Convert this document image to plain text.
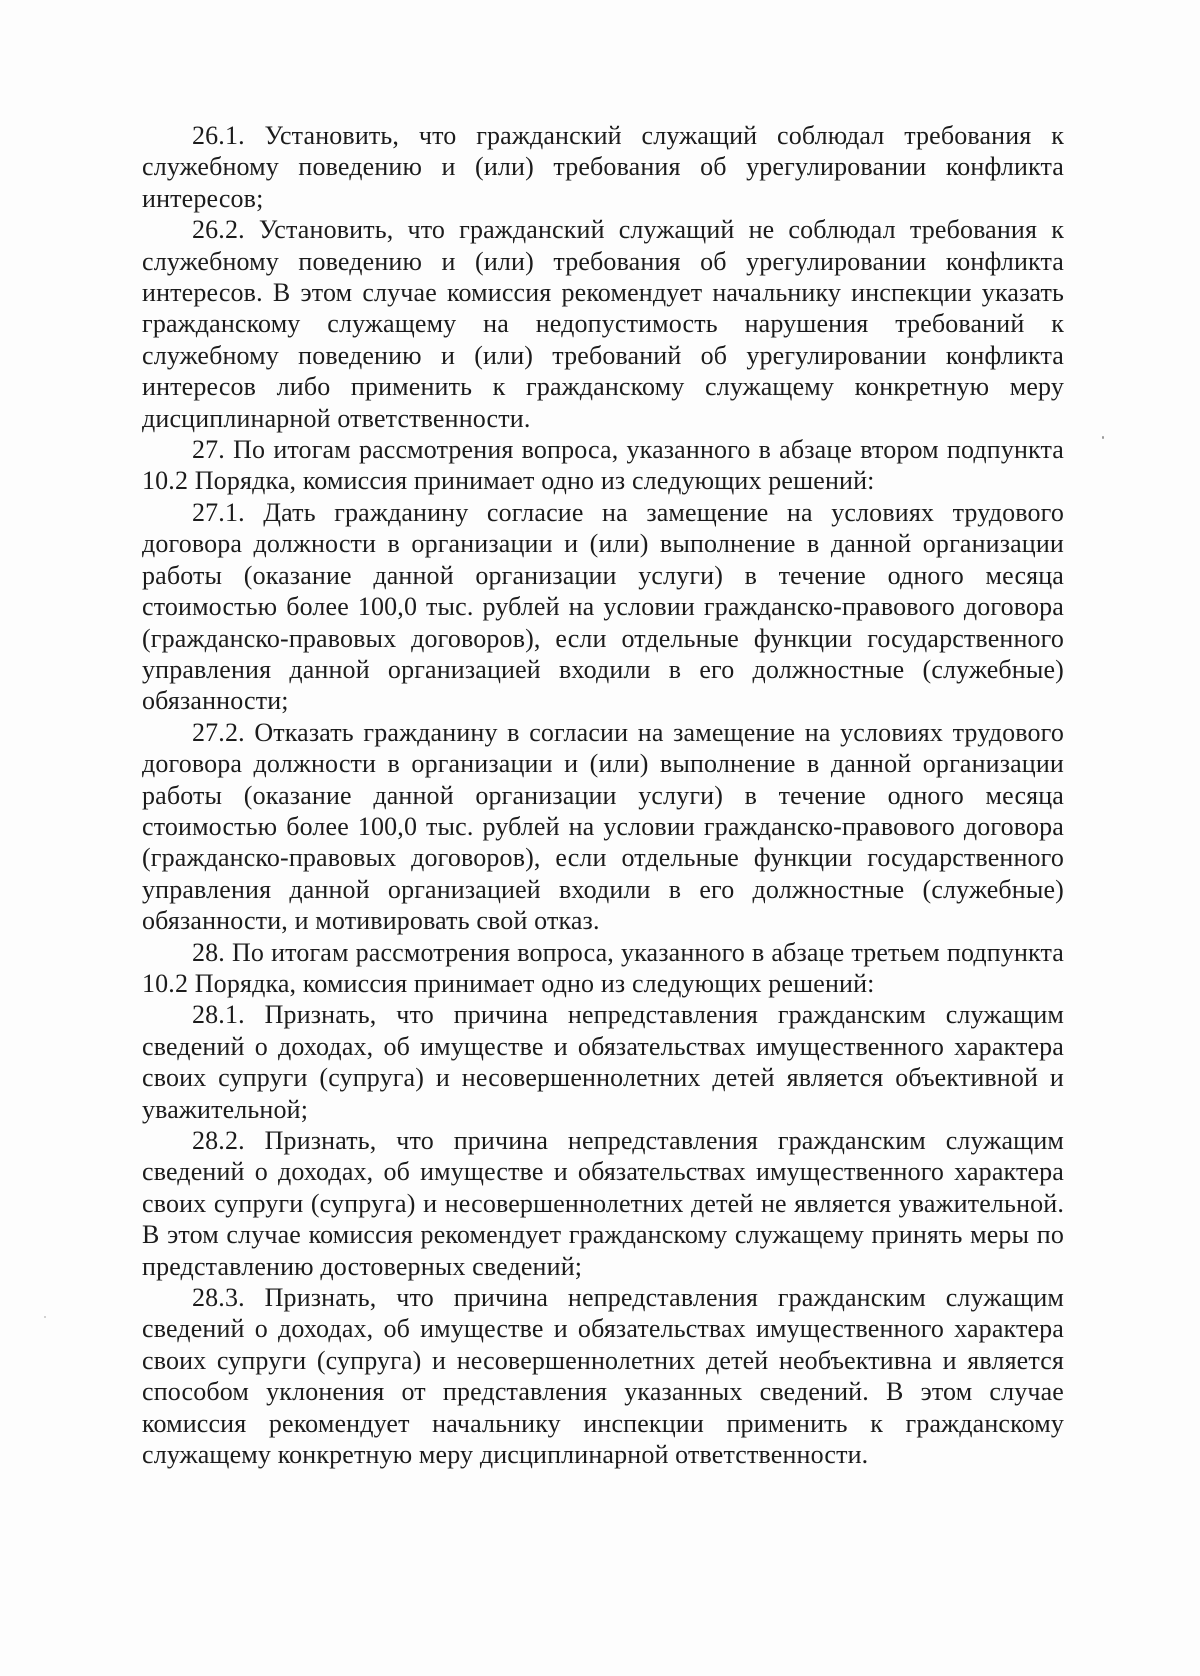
26.1. Установить, что гражданский служащий соблюдал требования к служебному поведению и (или) требования об урегулировании конфликта интересов;

26.2. Установить, что гражданский служащий не соблюдал требования к служебному поведению и (или) требования об урегулировании конфликта интересов. В этом случае комиссия рекомендует начальнику инспекции указать гражданскому служащему на недопустимость нарушения требований к служебному поведению и (или) требований об урегулировании конфликта интересов либо применить к гражданскому служащему конкретную меру дисциплинарной ответственности.

27. По итогам рассмотрения вопроса, указанного в абзаце втором подпункта 10.2 Порядка, комиссия принимает одно из следующих решений:

27.1. Дать гражданину согласие на замещение на условиях трудового договора должности в организации и (или) выполнение в данной организации работы (оказание данной организации услуги) в течение одного месяца стоимостью более 100,0 тыс. рублей на условии гражданско-правового договора (гражданско-правовых договоров), если отдельные функции государственного управления данной организацией входили в его должностные (служебные) обязанности;

27.2. Отказать гражданину в согласии на замещение на условиях трудового договора должности в организации и (или) выполнение в данной организации работы (оказание данной организации услуги) в течение одного месяца стоимостью более 100,0 тыс. рублей на условии гражданско-правового договора (гражданско-правовых договоров), если отдельные функции государственного управления данной организацией входили в его должностные (служебные) обязанности, и мотивировать свой отказ.

28. По итогам рассмотрения вопроса, указанного в абзаце третьем подпункта 10.2 Порядка, комиссия принимает одно из следующих решений:

28.1. Признать, что причина непредставления гражданским служащим сведений о доходах, об имуществе и обязательствах имущественного характера своих супруги (супруга) и несовершеннолетних детей является объективной и уважительной;

28.2. Признать, что причина непредставления гражданским служащим сведений о доходах, об имуществе и обязательствах имущественного характера своих супруги (супруга) и несовершеннолетних детей не является уважительной. В этом случае комиссия рекомендует гражданскому служащему принять меры по представлению достоверных сведений;

28.3. Признать, что причина непредставления гражданским служащим сведений о доходах, об имуществе и обязательствах имущественного характера своих супруги (супруга) и несовершеннолетних детей необъективна и является способом уклонения от представления указанных сведений. В этом случае комиссия рекомендует начальнику инспекции применить к гражданскому служащему конкретную меру дисциплинарной ответственности.
